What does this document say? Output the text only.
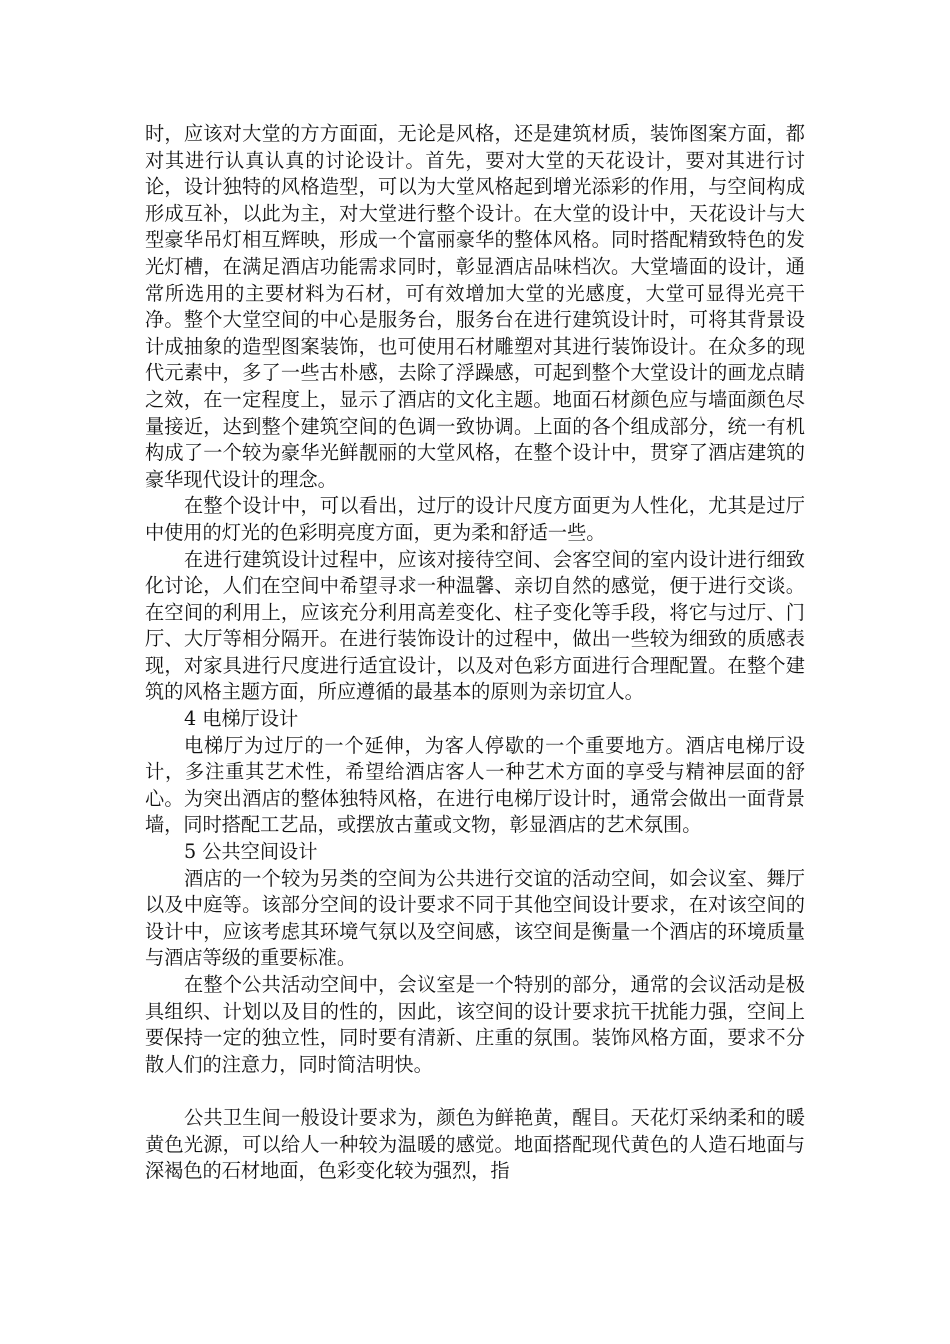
时，应该对大堂的方方面面，无论是风格，还是建筑材质，装饰图案方面，都对其进行认真认真的讨论设计。首先，要对大堂的天花设计，要对其进行讨论，设计独特的风格造型，可以为大堂风格起到增光添彩的作用，与空间构成形成互补，以此为主，对大堂进行整个设计。在大堂的设计中，天花设计与大型豪华吊灯相互辉映，形成一个富丽豪华的整体风格。同时搭配精致特色的发光灯槽，在满足酒店功能需求同时，彰显酒店品味档次。大堂墙面的设计，通常所选用的主要材料为石材，可有效增加大堂的光感度，大堂可显得光亮干净。整个大堂空间的中心是服务台，服务台在进行建筑设计时，可将其背景设计成抽象的造型图案装饰，也可使用石材雕塑对其进行装饰设计。在众多的现代元素中，多了一些古朴感，去除了浮躁感，可起到整个大堂设计的画龙点睛之效，在一定程度上，显示了酒店的文化主题。地面石材颜色应与墙面颜色尽量接近，达到整个建筑空间的色调一致协调。上面的各个组成部分，统一有机构成了一个较为豪华光鲜靓丽的大堂风格，在整个设计中，贯穿了酒店建筑的豪华现代设计的理念。

在整个设计中，可以看出，过厅的设计尺度方面更为人性化，尤其是过厅中使用的灯光的色彩明亮度方面，更为柔和舒适一些。

在进行建筑设计过程中，应该对接待空间、会客空间的室内设计进行细致化讨论，人们在空间中希望寻求一种温馨、亲切自然的感觉，便于进行交谈。在空间的利用上，应该充分利用高差变化、柱子变化等手段，将它与过厅、门厅、大厅等相分隔开。在进行装饰设计的过程中，做出一些较为细致的质感表现，对家具进行尺度进行适宜设计，以及对色彩方面进行合理配置。在整个建筑的风格主题方面，所应遵循的最基本的原则为亲切宜人。

4 电梯厅设计

电梯厅为过厅的一个延伸，为客人停歇的一个重要地方。酒店电梯厅设计，多注重其艺术性，希望给酒店客人一种艺术方面的享受与精神层面的舒心。为突出酒店的整体独特风格，在进行电梯厅设计时，通常会做出一面背景墙，同时搭配工艺品，或摆放古董或文物，彰显酒店的艺术氛围。

5 公共空间设计

酒店的一个较为另类的空间为公共进行交谊的活动空间，如会议室、舞厅以及中庭等。该部分空间的设计要求不同于其他空间设计要求，在对该空间的设计中，应该考虑其环境气氛以及空间感，该空间是衡量一个酒店的环境质量与酒店等级的重要标准。

在整个公共活动空间中，会议室是一个特别的部分，通常的会议活动是极具组织、计划以及目的性的，因此，该空间的设计要求抗干扰能力强，空间上要保持一定的独立性，同时要有清新、庄重的氛围。装饰风格方面，要求不分散人们的注意力，同时简洁明快。

公共卫生间一般设计要求为，颜色为鲜艳黄，醒目。天花灯采纳柔和的暖黄色光源，可以给人一种较为温暖的感觉。地面搭配现代黄色的人造石地面与深褐色的石材地面，色彩变化较为强烈，指
